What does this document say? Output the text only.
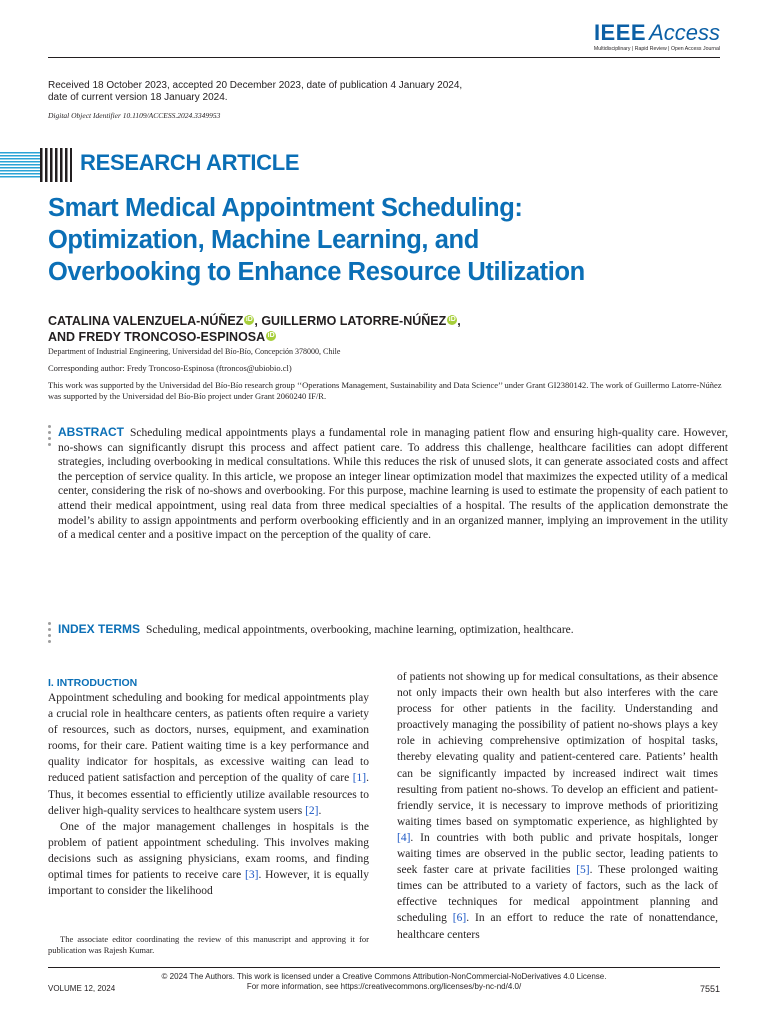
IEEE Access
Multidisciplinary | Rapid Review | Open Access Journal
Received 18 October 2023, accepted 20 December 2023, date of publication 4 January 2024,
date of current version 18 January 2024.
Digital Object Identifier 10.1109/ACCESS.2024.3349953
RESEARCH ARTICLE
Smart Medical Appointment Scheduling:
Optimization, Machine Learning, and
Overbooking to Enhance Resource Utilization
CATALINA VALENZUELA-NÚÑEZ iD , GUILLERMO LATORRE-NÚÑEZ iD ,
AND FREDY TRONCOSO-ESPINOSA iD
Department of Industrial Engineering, Universidad del Bío-Bío, Concepción 378000, Chile
Corresponding author: Fredy Troncoso-Espinosa (ftroncos@ubiobio.cl)
This work was supported by the Universidad del Bío-Bío research group ‘‘Operations Management, Sustainability and Data Science’’ under Grant GI2380142. The work of Guillermo Latorre-Núñez was supported by the Universidad del Bío-Bío project under Grant 2060240 IF/R.
ABSTRACT Scheduling medical appointments plays a fundamental role in managing patient flow and ensuring high-quality care. However, no-shows can significantly disrupt this process and affect patient care. To address this challenge, healthcare facilities can adopt different strategies, including overbooking in medical consultations. While this reduces the risk of unused slots, it can generate associated costs and affect the perception of service quality. In this article, we propose an integer linear optimization model that maximizes the expected utility of a medical center, considering the risk of no-shows and overbooking. For this purpose, machine learning is used to estimate the propensity of each patient to attend their medical appointment, using real data from three medical specialties of a hospital. The results of the application demonstrate the model’s ability to assign appointments and perform overbooking efficiently and in an organized manner, implying an improvement in the utility of a medical center and a positive impact on the perception of the quality of care.
INDEX TERMS Scheduling, medical appointments, overbooking, machine learning, optimization, healthcare.
I. INTRODUCTION

Appointment scheduling and booking for medical appointments play a crucial role in healthcare centers, as patients often require a variety of resources, such as doctors, nurses, equipment, and examination rooms, for their care. Patient waiting time is a key performance and quality indicator for hospitals, as excessive waiting can lead to reduced patient satisfaction and perception of the quality of care [1]. Thus, it becomes essential to efficiently utilize available resources to deliver high-quality services to healthcare system users [2].

One of the major management challenges in hospitals is the problem of patient appointment scheduling. This involves making decisions such as assigning physicians, exam rooms, and finding optimal times for patients to receive care [3]. However, it is equally important to consider the likelihood

The associate editor coordinating the review of this manuscript and approving it for publication was Rajesh Kumar.

of patients not showing up for medical consultations, as their absence not only impacts their own health but also interferes with the care process for other patients in the facility. Understanding and proactively managing the possibility of patient no-shows plays a key role in achieving comprehensive optimization of hospital tasks, thereby elevating quality and patient-centered care. Patients’ health can be significantly impacted by increased indirect wait times resulting from patient no-shows. To develop an efficient and patient-friendly service, it is necessary to improve methods of prioritizing waiting times based on symptomatic experience, as highlighted by [4]. In countries with both public and private hospitals, longer waiting times are observed in the public sector, leading patients to seek faster care at private facilities [5]. These prolonged waiting times can be attributed to a variety of factors, such as the lack of effective techniques for medical appointment planning and scheduling [6]. In an effort to reduce the rate of nonattendance, healthcare centers

© 2024 The Authors. This work is licensed under a Creative Commons Attribution-NonCommercial-NoDerivatives 4.0 License.
For more information, see https://creativecommons.org/licenses/by-nc-nd/4.0/
VOLUME 12, 2024	7551
